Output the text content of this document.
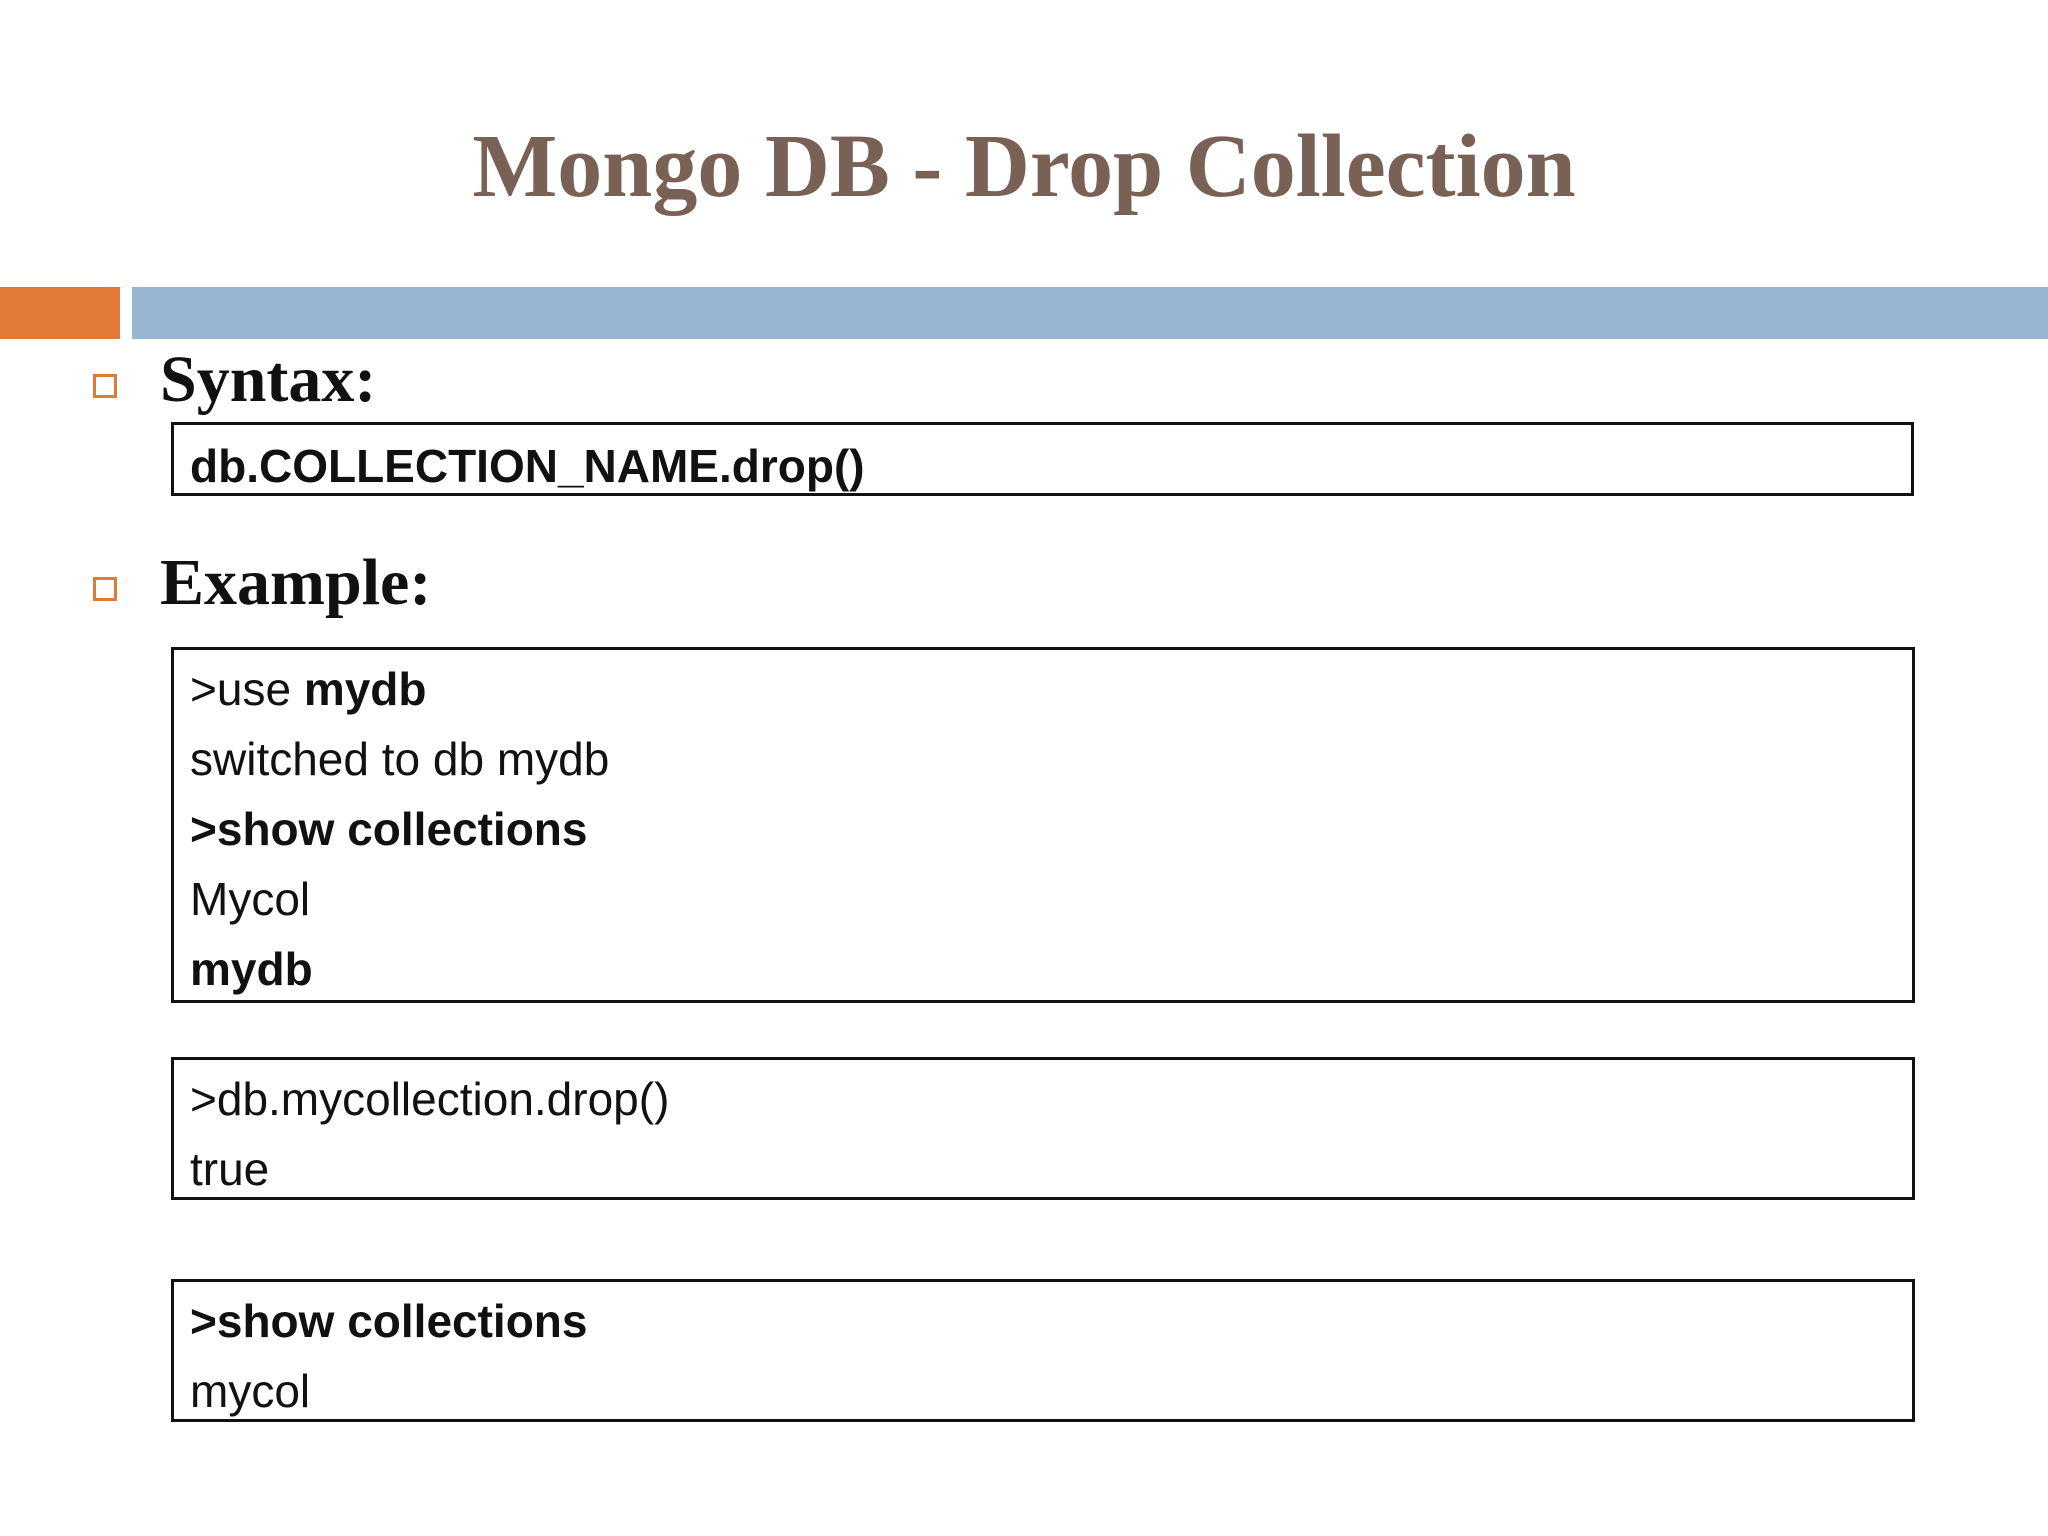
Mongo DB - Drop Collection
Syntax:
db.COLLECTION_NAME.drop()
Example:
>use mydb
switched to db mydb
>show collections
Mycol
mydb
>db.mycollection.drop()
true
>show collections
mycol
